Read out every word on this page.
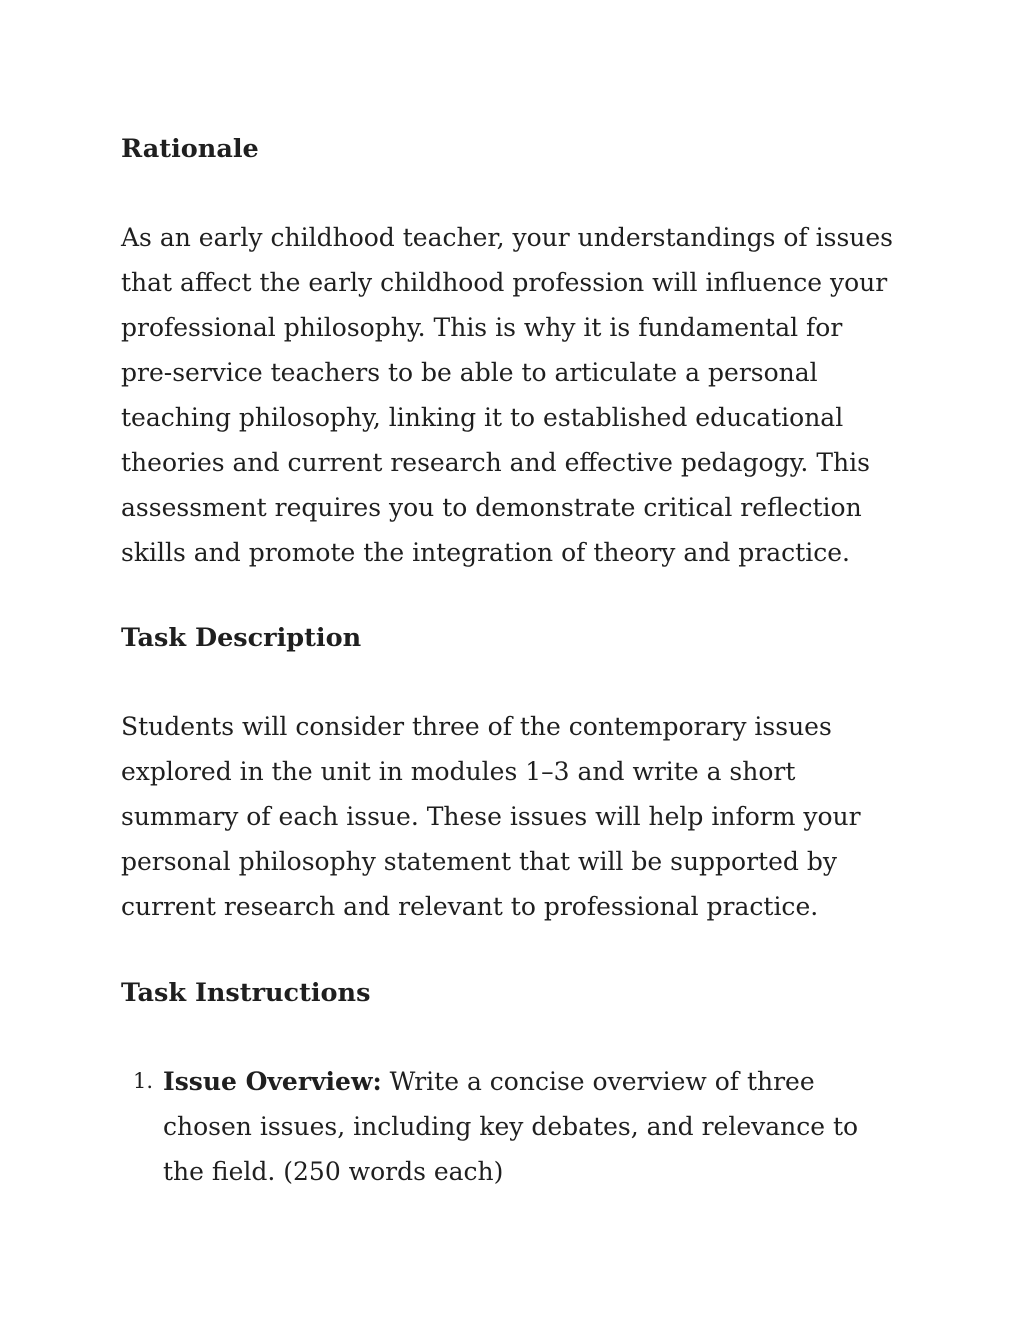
Rationale

As an early childhood teacher, your understandings of issues that affect the early childhood profession will influence your professional philosophy. This is why it is fundamental for pre-service teachers to be able to articulate a personal teaching philosophy, linking it to established educational theories and current research and effective pedagogy. This assessment requires you to demonstrate critical reflection skills and promote the integration of theory and practice.

Task Description

Students will consider three of the contemporary issues explored in the unit in modules 1–3 and write a short summary of each issue. These issues will help inform your personal philosophy statement that will be supported by current research and relevant to professional practice.

Task Instructions
1. Issue Overview: Write a concise overview of three chosen issues, including key debates, and relevance to the field. (250 words each)
